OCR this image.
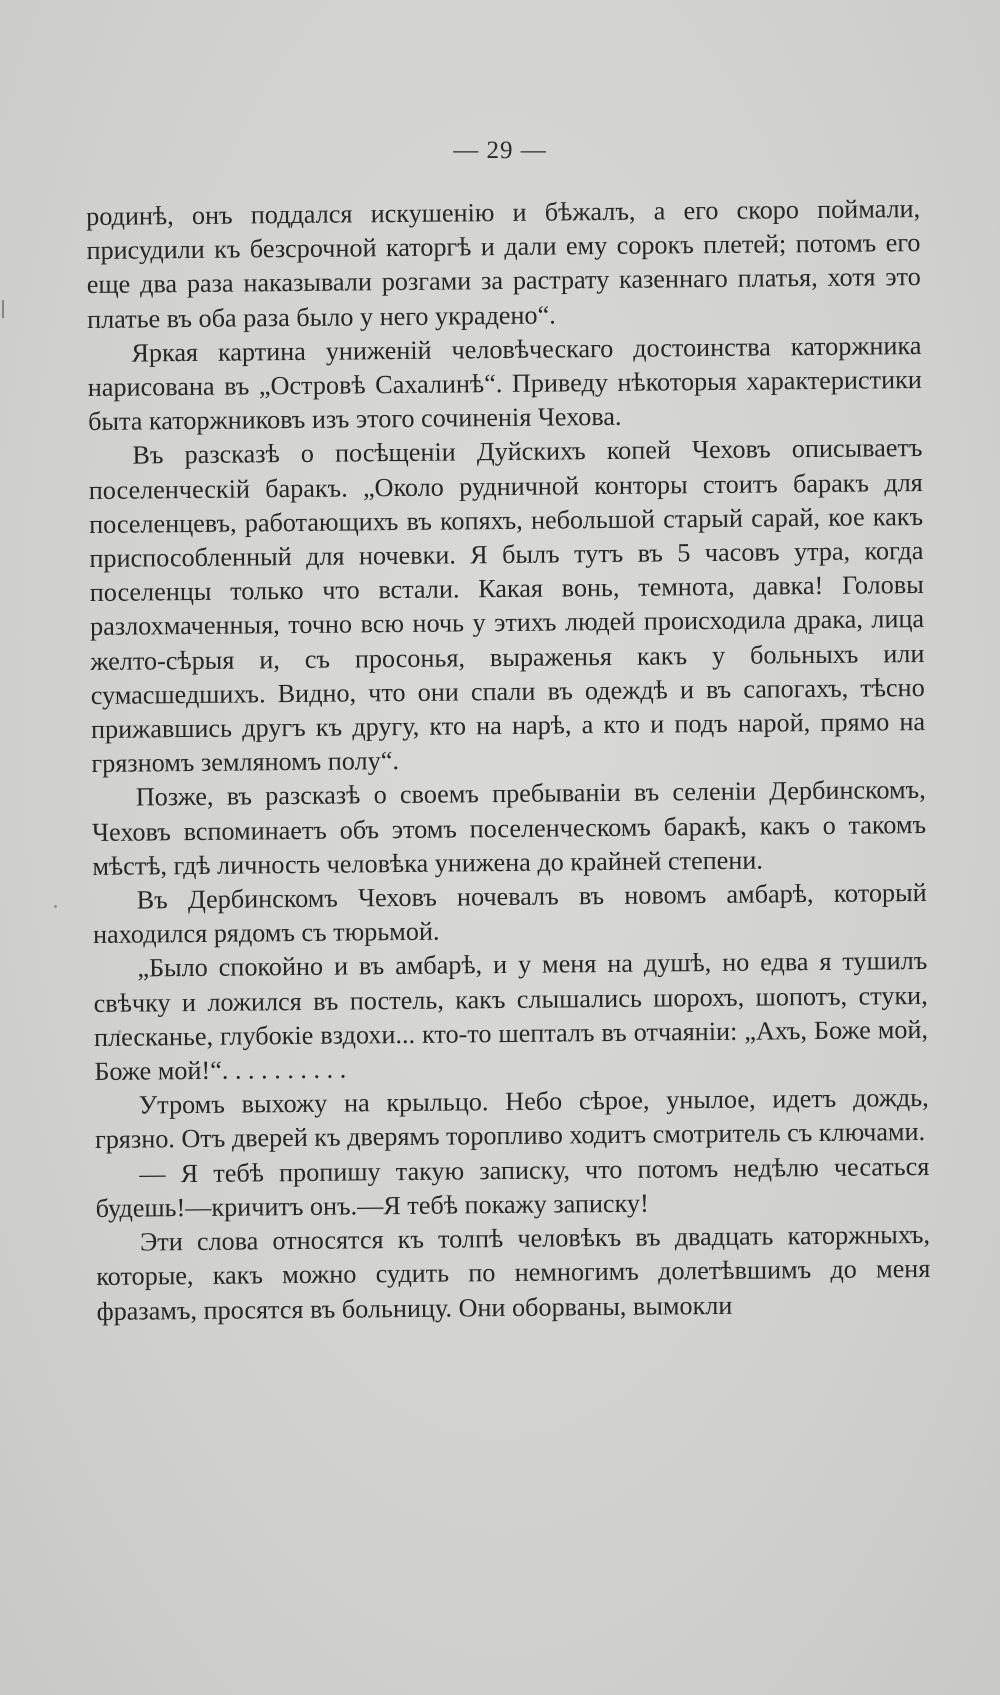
— 29 —

родинѣ, онъ поддался искушенію и бѣжалъ, а его скоро поймали, присудили къ безсрочной каторгѣ и дали ему сорокъ плетей; потомъ его еще два раза наказывали розгами за растрату казеннаго платья, хотя это платье въ оба раза было у него украдено“.

Яркая картина униженій человѣческаго достоинства каторжника нарисована въ „Островѣ Сахалинѣ“. Приведу нѣкоторыя характеристики быта каторжниковъ изъ этого сочиненія Чехова.

Въ разсказѣ о посѣщеніи Дуйскихъ копей Чеховъ описываетъ поселенческій баракъ. „Около рудничной конторы стоитъ баракъ для поселенцевъ, работающихъ въ копяхъ, небольшой старый сарай, кое какъ приспособленный для ночевки. Я былъ тутъ въ 5 часовъ утра, когда поселенцы только что встали. Какая вонь, темнота, давка! Головы разлохмаченныя, точно всю ночь у этихъ людей происходила драка, лица желто-сѣрыя и, съ просонья, выраженья какъ у больныхъ или сумасшедшихъ. Видно, что они спали въ одеждѣ и въ сапогахъ, тѣсно прижавшись другъ къ другу, кто на нарѣ, а кто и подъ нарой, прямо на грязномъ земляномъ полу“.

Позже, въ разсказѣ о своемъ пребываніи въ селеніи Дербинскомъ, Чеховъ вспоминаетъ объ этомъ поселенческомъ баракѣ, какъ о такомъ мѣстѣ, гдѣ личность человѣка унижена до крайней степени.

Въ Дербинскомъ Чеховъ ночевалъ въ новомъ амбарѣ, который находился рядомъ съ тюрьмой.

„Было спокойно и въ амбарѣ, и у меня на душѣ, но едва я тушилъ свѣчку и ложился въ постель, какъ слышались шорохъ, шопотъ, стуки, плесканье, глубокіе вздохи... кто-то шепталъ въ отчаяніи: „Ахъ, Боже мой, Боже мой!“. . . . . . . . . .

Утромъ выхожу на крыльцо. Небо сѣрое, унылое, идетъ дождь, грязно. Отъ дверей къ дверямъ торопливо ходитъ смотритель съ ключами.

— Я тебѣ пропишу такую записку, что потомъ недѣлю чесаться будешь!—кричитъ онъ.—Я тебѣ покажу записку!

Эти слова относятся къ толпѣ человѣкъ въ двадцать каторжныхъ, которые, какъ можно судить по немногимъ долетѣвшимъ до меня фразамъ, просятся въ больницу. Они оборваны, вымокли
